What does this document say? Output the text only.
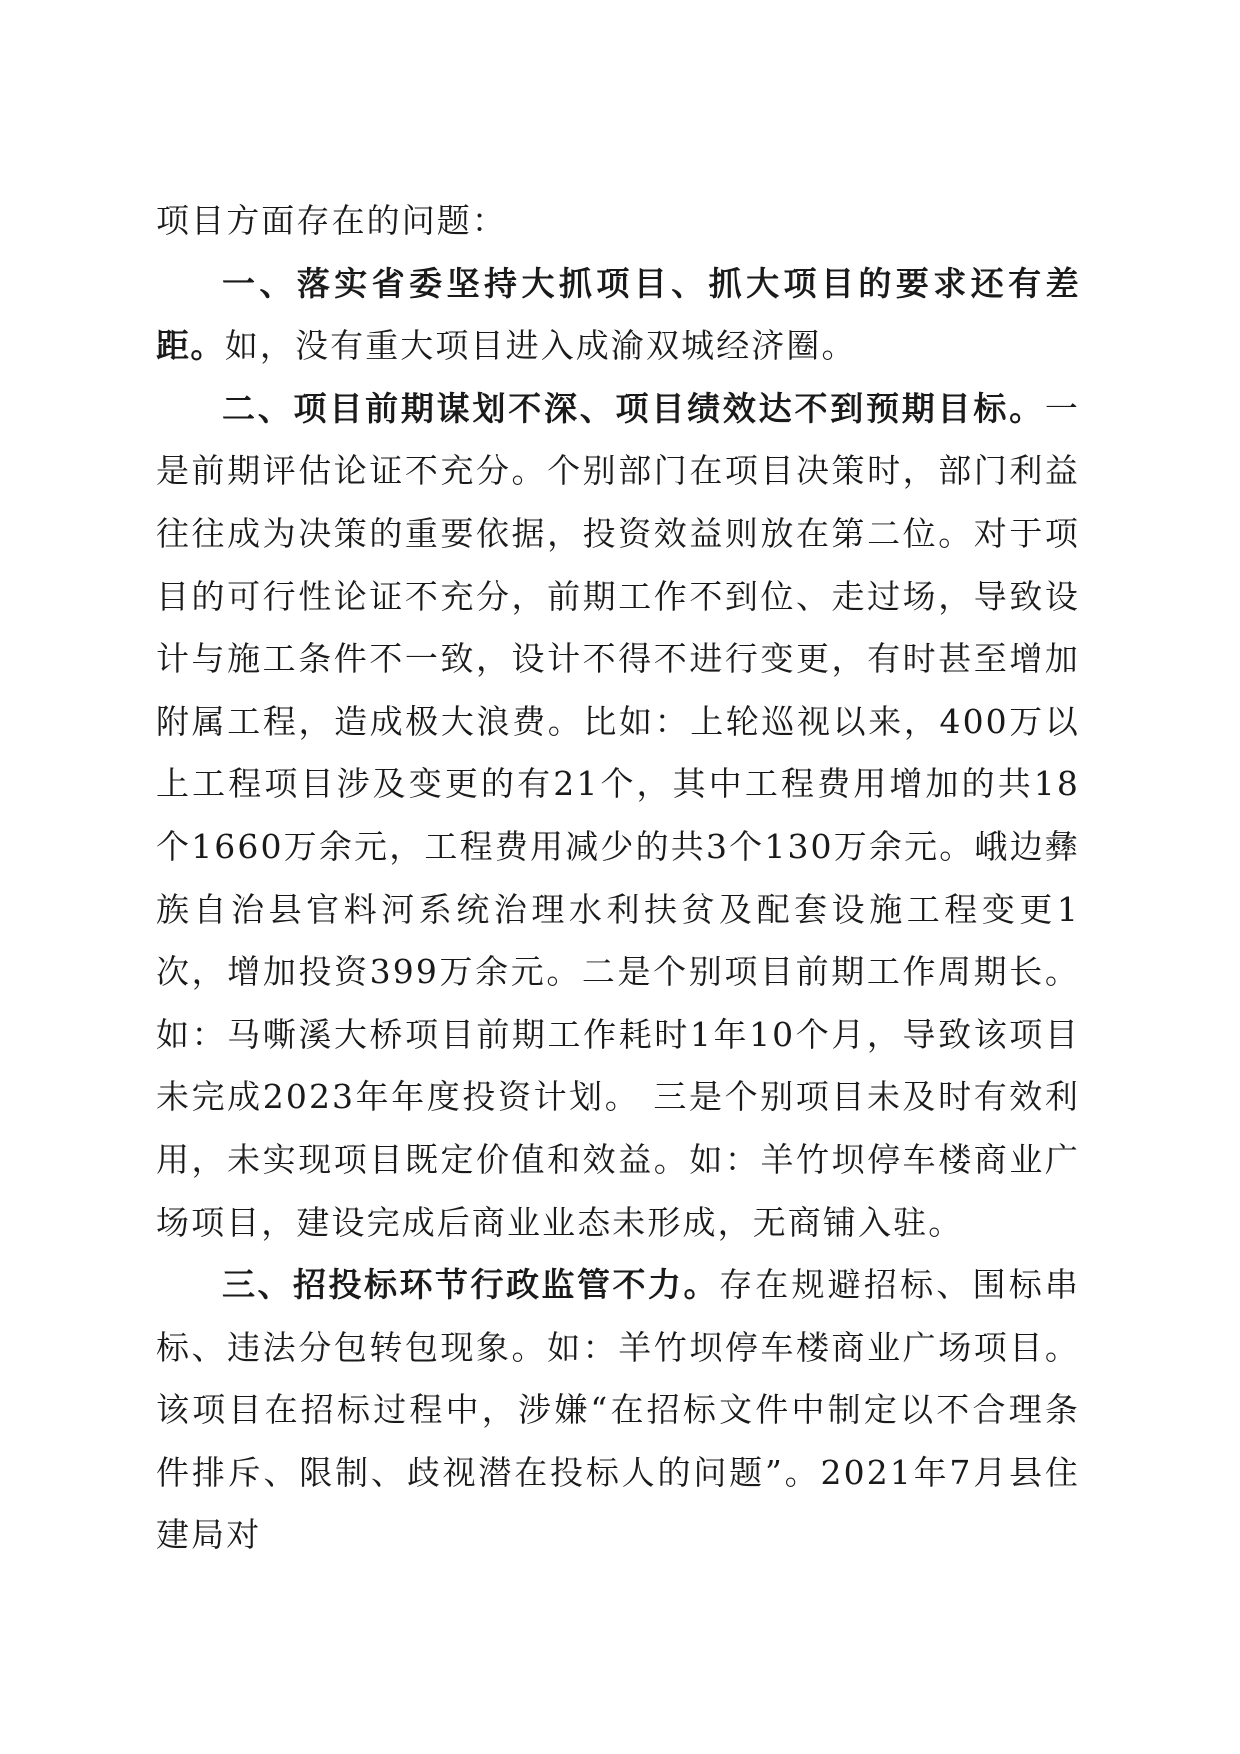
项目方面存在的问题：

一、落实省委坚持大抓项目、抓大项目的要求还有差距。如，没有重大项目进入成渝双城经济圈。

二、项目前期谋划不深、项目绩效达不到预期目标。一是前期评估论证不充分。个别部门在项目决策时，部门利益往往成为决策的重要依据，投资效益则放在第二位。对于项目的可行性论证不充分，前期工作不到位、走过场，导致设计与施工条件不一致，设计不得不进行变更，有时甚至增加附属工程，造成极大浪费。比如：上轮巡视以来，400万以上工程项目涉及变更的有21个，其中工程费用增加的共18个1660万余元，工程费用减少的共3个130万余元。峨边彝族自治县官料河系统治理水利扶贫及配套设施工程变更1次，增加投资399万余元。二是个别项目前期工作周期长。如：马嘶溪大桥项目前期工作耗时1年10个月，导致该项目未完成2023年年度投资计划。 三是个别项目未及时有效利用，未实现项目既定价值和效益。如：羊竹坝停车楼商业广场项目，建设完成后商业业态未形成，无商铺入驻。

三、招投标环节行政监管不力。存在规避招标、围标串标、违法分包转包现象。如：羊竹坝停车楼商业广场项目。该项目在招标过程中，涉嫌“在招标文件中制定以不合理条件排斥、限制、歧视潜在投标人的问题”。2021年7月县住建局对
